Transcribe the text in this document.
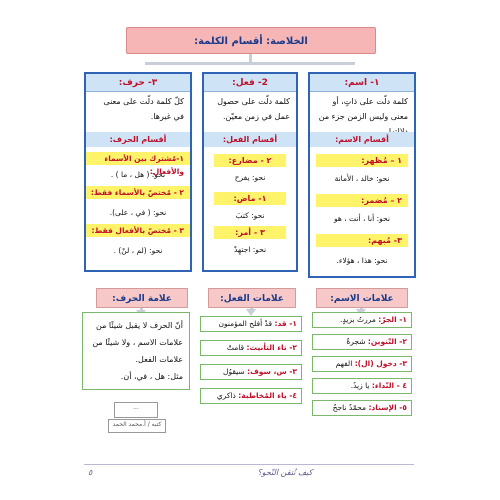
الخلاصة: أقسام الكلمة:
٣- حرف:
كلّ كلمة دلّت على معنى في غيرها.
أقسام الحرف:
١-مُشترك بين الأسماء والأفعال:
نحو: ( هل ، ما ) .
٢ - مُختصّ بالأسماء فقط:
نحو: ( في ، على).
٣ - مُختصّ بالأفعال فقط:
نحو: (لم ، لنْ) .
2- فعل:
كلمة دلّت على حصول عمل في زمن معيّن.
أقسام الفعل:
٢ - مضارع:
نحو: يفرح
١- ماض:
نحو: كتبَ
٣ - أمر:
نحو: اجتهِدْ
١- اسم:
كلمة دلّت على ذاتٍ، أو معنى وليس الزمن جزء من
أقسام الاسم:
١ – مُظهر:
نحو: خالد ، الأمانة
٢ – مُضمر:
نحو: أنا ، أنت ، هو
٣- مُبهم:
نحو: هذا ، هؤلاء.
علامة الحرف:
أنّ الحرف لا يقبل شيئًا من علامات الاسم ، ولا شيئًا من علامات الفعل.
مثل: هل ، في، أن.
...
كتبه / أ.محمد الحمد
علامات الفعل:
١- قد: قدْ أفلح المؤمنون
٢- تاء التأنيث: قامتْ
٣- س، سوف: سيقوُل
٤- ياء المُخاطبة: ذاكري
علامات الاسم:
١- الجرّ: مررتُ بزيدٍ.
٢- التّنوين: شجرةٌ
٣- دخول (ال): الفهم
٤ - النّداء: يا زيدُ.
٥- الإسناد: محمّدٌ ناجحٌ
٥	كيف نُتقن النّحو؟
